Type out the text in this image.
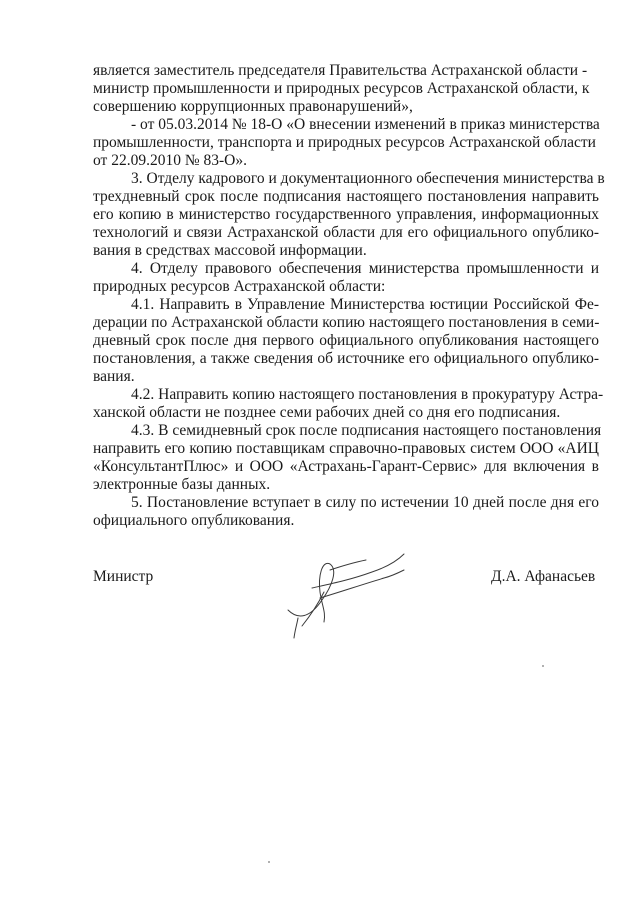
является заместитель председателя Правительства Астраханской области -
министр промышленности и природных ресурсов Астраханской области, к
совершению коррупционных правонарушений»,
- от 05.03.2014 № 18-О «О внесении изменений в приказ министерства
промышленности, транспорта и природных ресурсов Астраханской области
от 22.09.2010 № 83-О».
3. Отделу кадрового и документационного обеспечения министерства в
трехдневный срок после подписания настоящего постановления направить
его копию в министерство государственного управления, информационных
технологий и связи Астраханской области для его официального опублико-
вания в средствах массовой информации.
4. Отделу правового обеспечения министерства промышленности и
природных ресурсов Астраханской области:
4.1. Направить в Управление Министерства юстиции Российской Фе-
дерации по Астраханской области копию настоящего постановления в семи-
дневный срок после дня первого официального опубликования настоящего
постановления, а также сведения об источнике его официального опублико-
вания.
4.2. Направить копию настоящего постановления в прокуратуру Астра-
ханской области не позднее семи рабочих дней со дня его подписания.
4.3. В семидневный срок после подписания настоящего постановления
направить его копию поставщикам справочно-правовых систем ООО «АИЦ
«КонсультантПлюс» и ООО «Астрахань-Гарант-Сервис» для включения в
электронные базы данных.
5. Постановление вступает в силу по истечении 10 дней после дня его
официального опубликования.
Министр	Д.А. Афанасьев
